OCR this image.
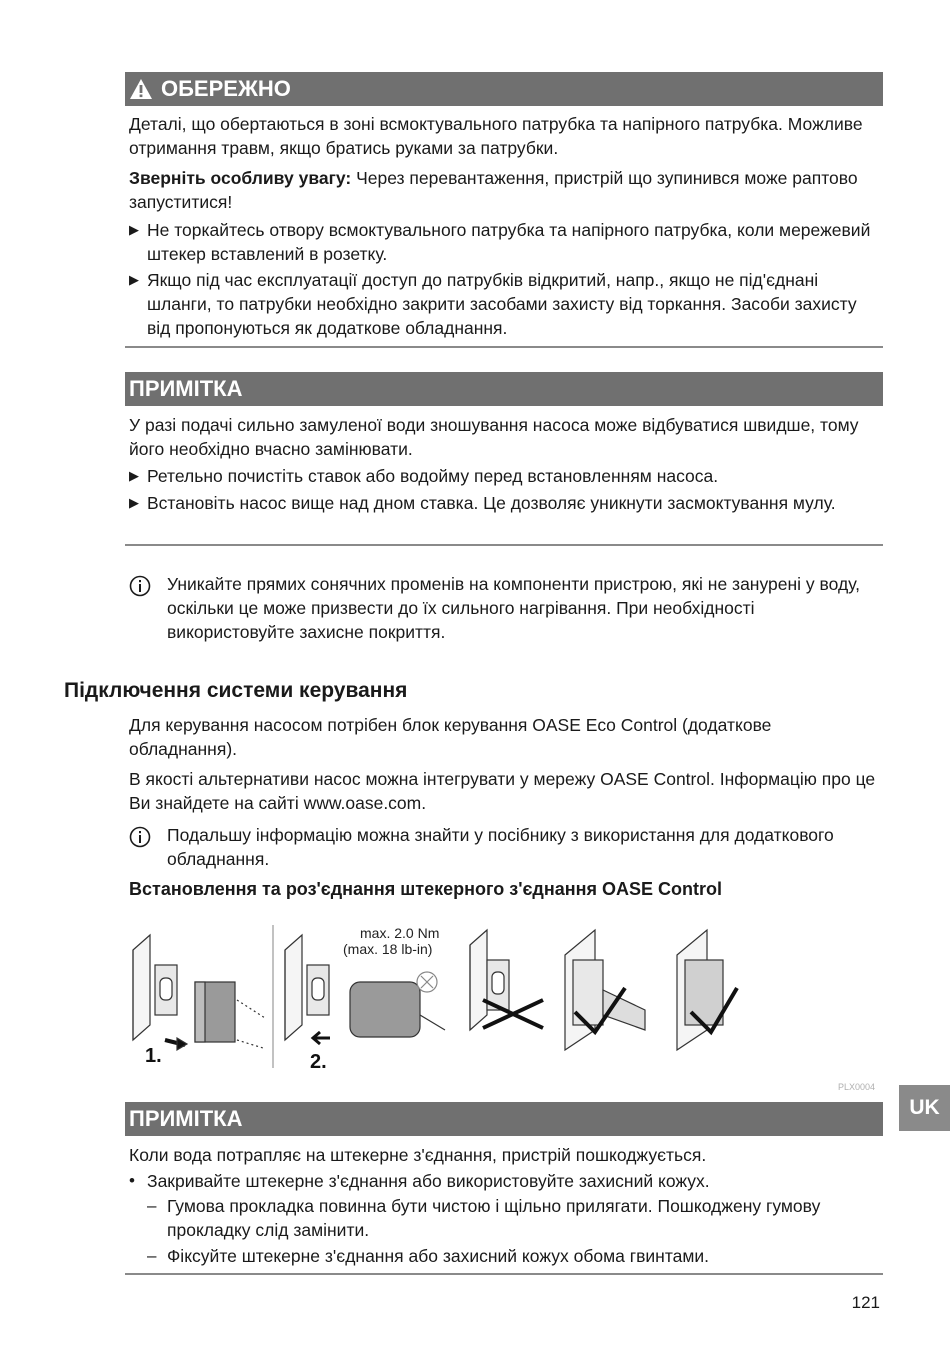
ОБЕРЕЖНО

Деталі, що обертаються в зоні всмоктувального патрубка та напірного патрубка. Можливе отримання травм, якщо братись руками за патрубки.

Зверніть особливу увагу: Через перевантаження, пристрій що зупинився може раптово запуститися!

▶ Не торкайтесь отвору всмоктувального патрубка та напірного патрубка, коли мережевий штекер вставлений в розетку.
▶ Якщо під час експлуатації доступ до патрубків відкритий, напр., якщо не під'єднані шланги, то патрубки необхідно закрити засобами захисту від торкання. Засоби захисту від пропонуються як додаткове обладнання.
ПРИМІТКА

У разі подачі сильно замуленої води зношування насоса може відбуватися швидше, тому його необхідно вчасно замінювати.

▶ Ретельно почистіть ставок або водойму перед встановленням насоса.
▶ Встановіть насос вище над дном ставка. Це дозволяє уникнути засмоктування мулу.
Уникайте прямих сонячних променів на компоненти пристрою, які не занурені у воду, оскільки це може призвести до їх сильного нагрівання. При необхідності використовуйте захисне покриття.
Підключення системи керування

Для керування насосом потрібен блок керування OASE Eco Control (додаткове обладнання).

В якості альтернативи насос можна інтегрувати у мережу OASE Control. Інформацію про це Ви знайдете на сайті www.oase.com.

Подальшу інформацію можна знайти у посібнику з використання для додаткового обладнання.
Встановлення та роз'єднання штекерного з'єднання OASE Control
max. 2.0 Nm
(max. 18 lb-in)
1.	2.
PLX0004
ПРИМІТКА

Коли вода потрапляє на штекерне з'єднання, пристрій пошкоджується.

• Закривайте штекерне з'єднання або використовуйте захисний кожух.
– Гумова прокладка повинна бути чистою і щільно прилягати. Пошкоджену гумову прокладку слід замінити.
– Фіксуйте штекерне з'єднання або захисний кожух обома гвинтами.
UK
121
